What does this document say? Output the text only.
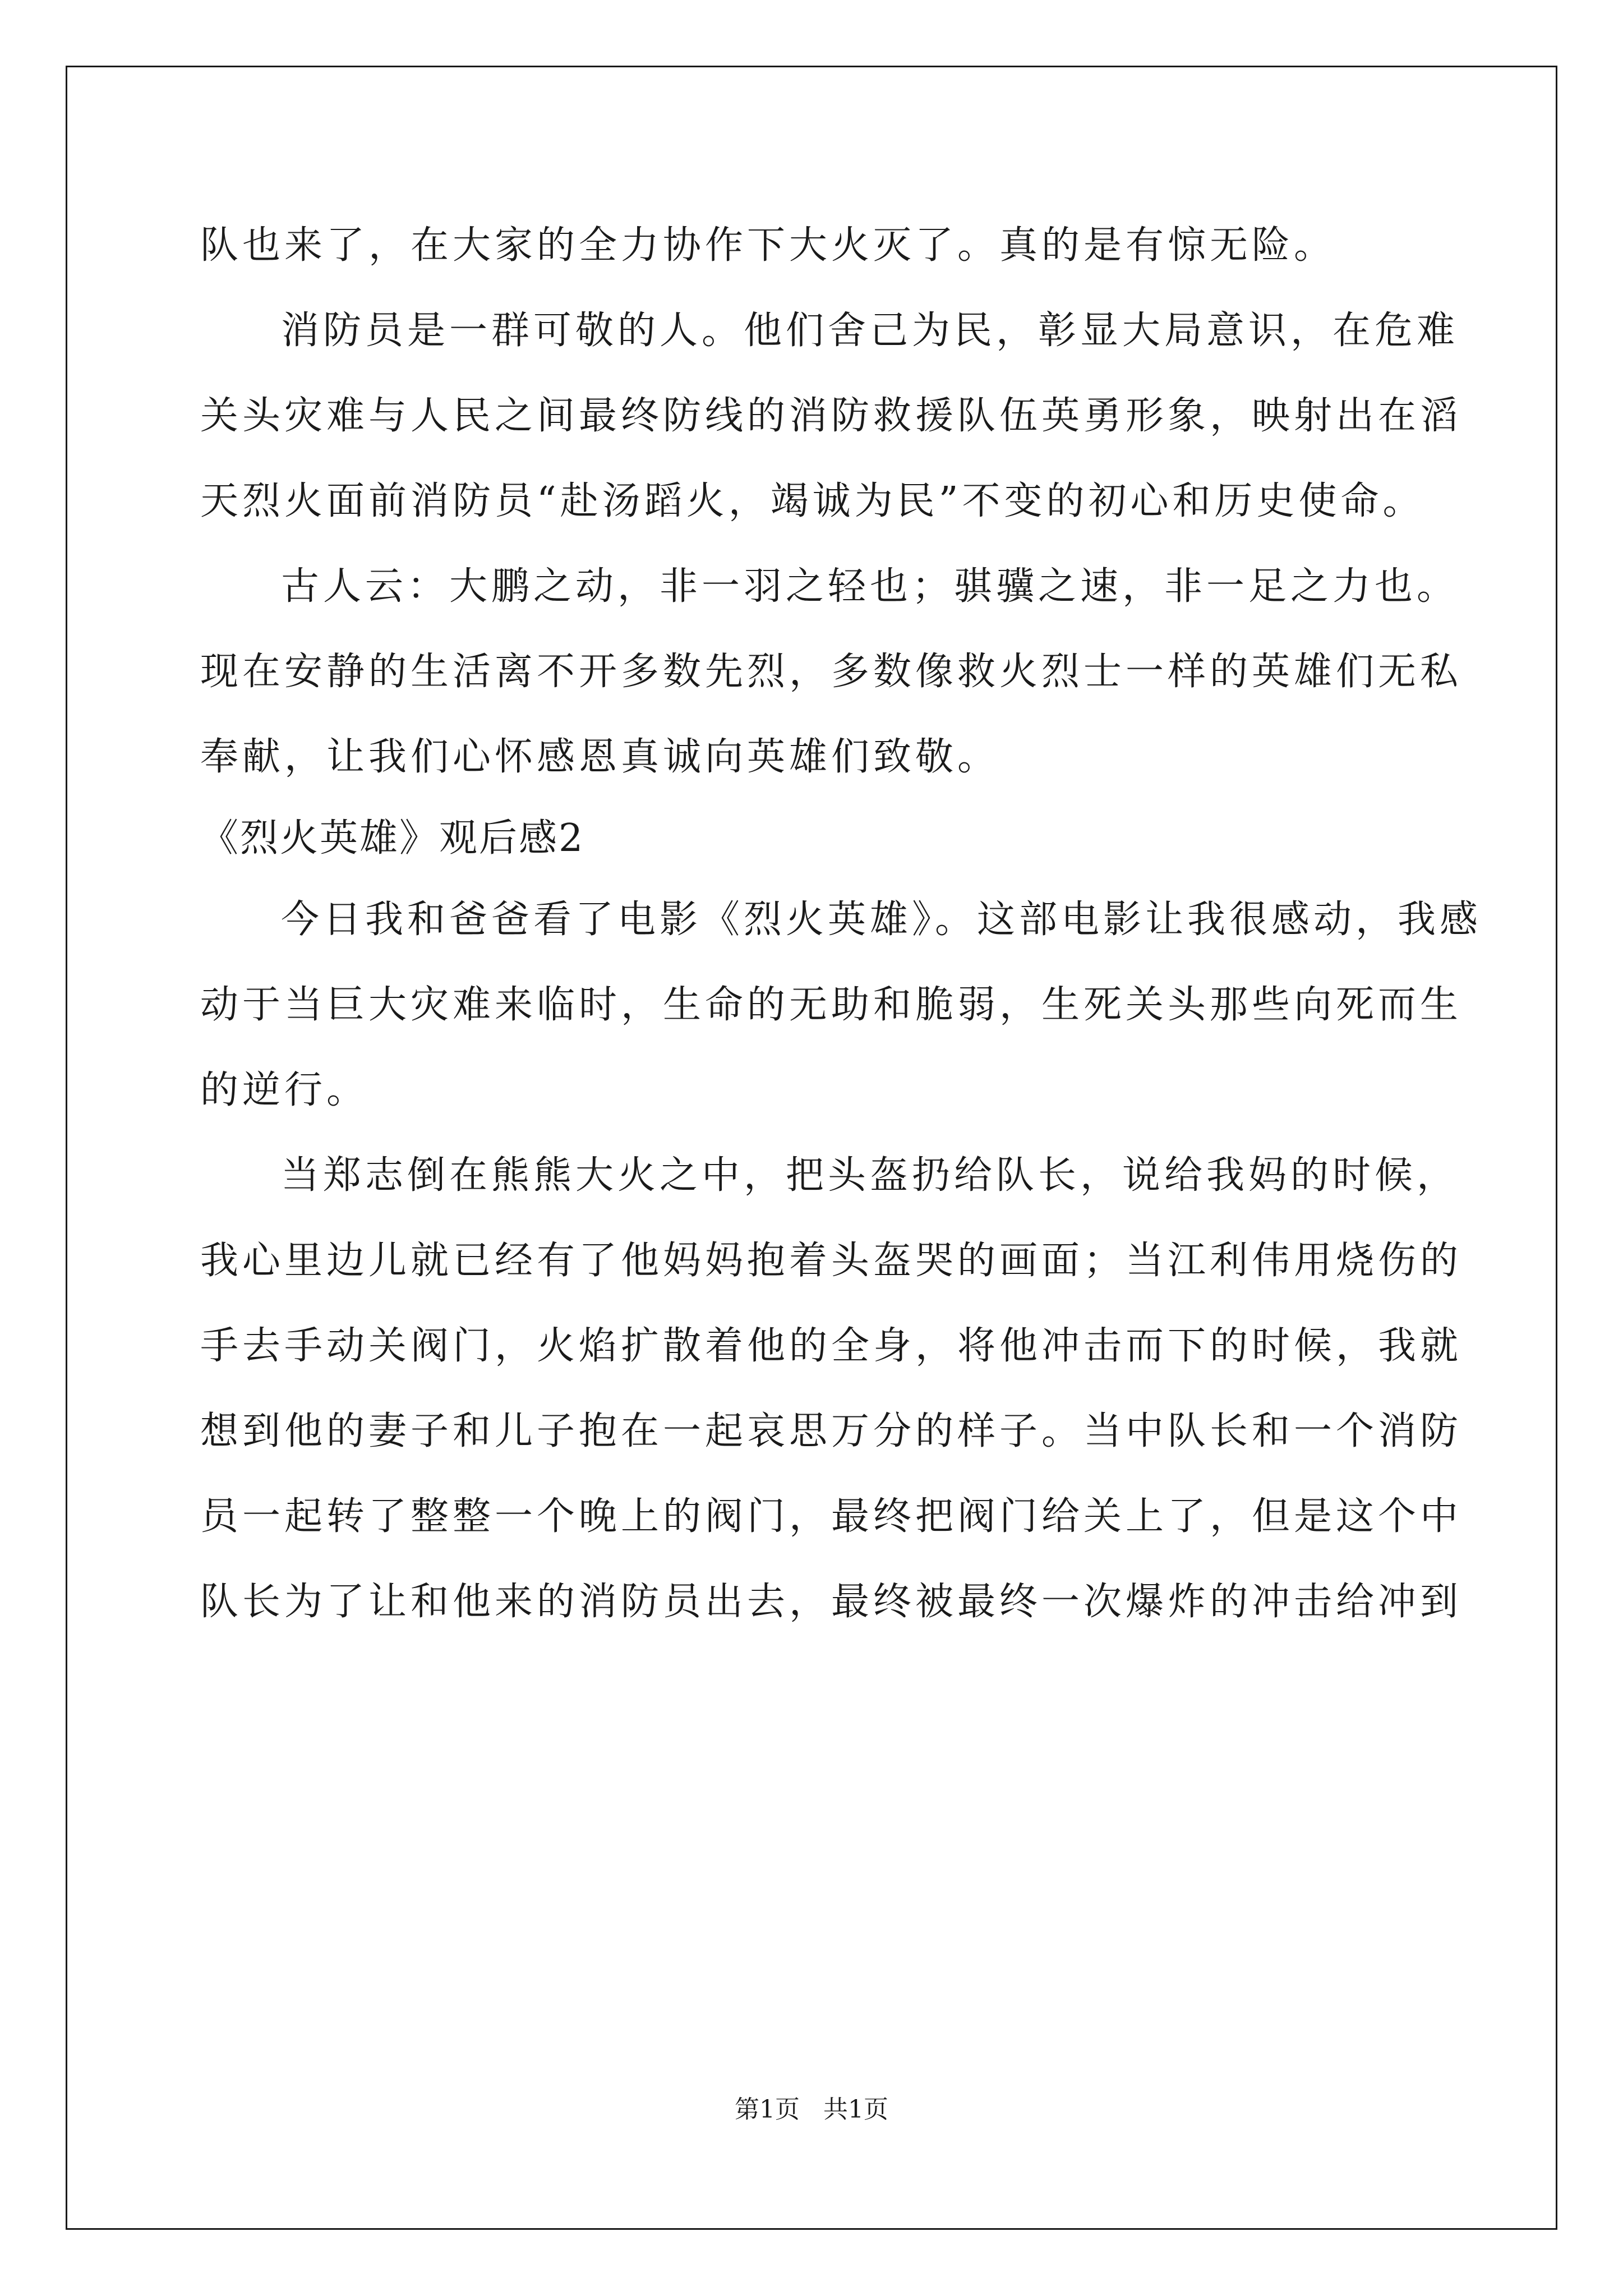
队也来了，在大家的全力协作下大火灭了。真的是有惊无险。

消防员是一群可敬的人。他们舍己为民，彰显大局意识，在危难

关头灾难与人民之间最终防线的消防救援队伍英勇形象，映射出在滔

天烈火面前消防员“赴汤蹈火，竭诚为民”不变的初心和历史使命。

古人云：大鹏之动，非一羽之轻也；骐骥之速，非一足之力也。

现在安静的生活离不开多数先烈，多数像救火烈士一样的英雄们无私

奉献，让我们心怀感恩真诚向英雄们致敬。

《烈火英雄》观后感2

今日我和爸爸看了电影《烈火英雄》。这部电影让我很感动，我感

动于当巨大灾难来临时，生命的无助和脆弱，生死关头那些向死而生

的逆行。

当郑志倒在熊熊大火之中，把头盔扔给队长，说给我妈的时候，

我心里边儿就已经有了他妈妈抱着头盔哭的画面；当江利伟用烧伤的

手去手动关阀门，火焰扩散着他的全身，将他冲击而下的时候，我就

想到他的妻子和儿子抱在一起哀思万分的样子。当中队长和一个消防

员一起转了整整一个晚上的阀门，最终把阀门给关上了，但是这个中

队长为了让和他来的消防员出去，最终被最终一次爆炸的冲击给冲到

第1页   共1页
